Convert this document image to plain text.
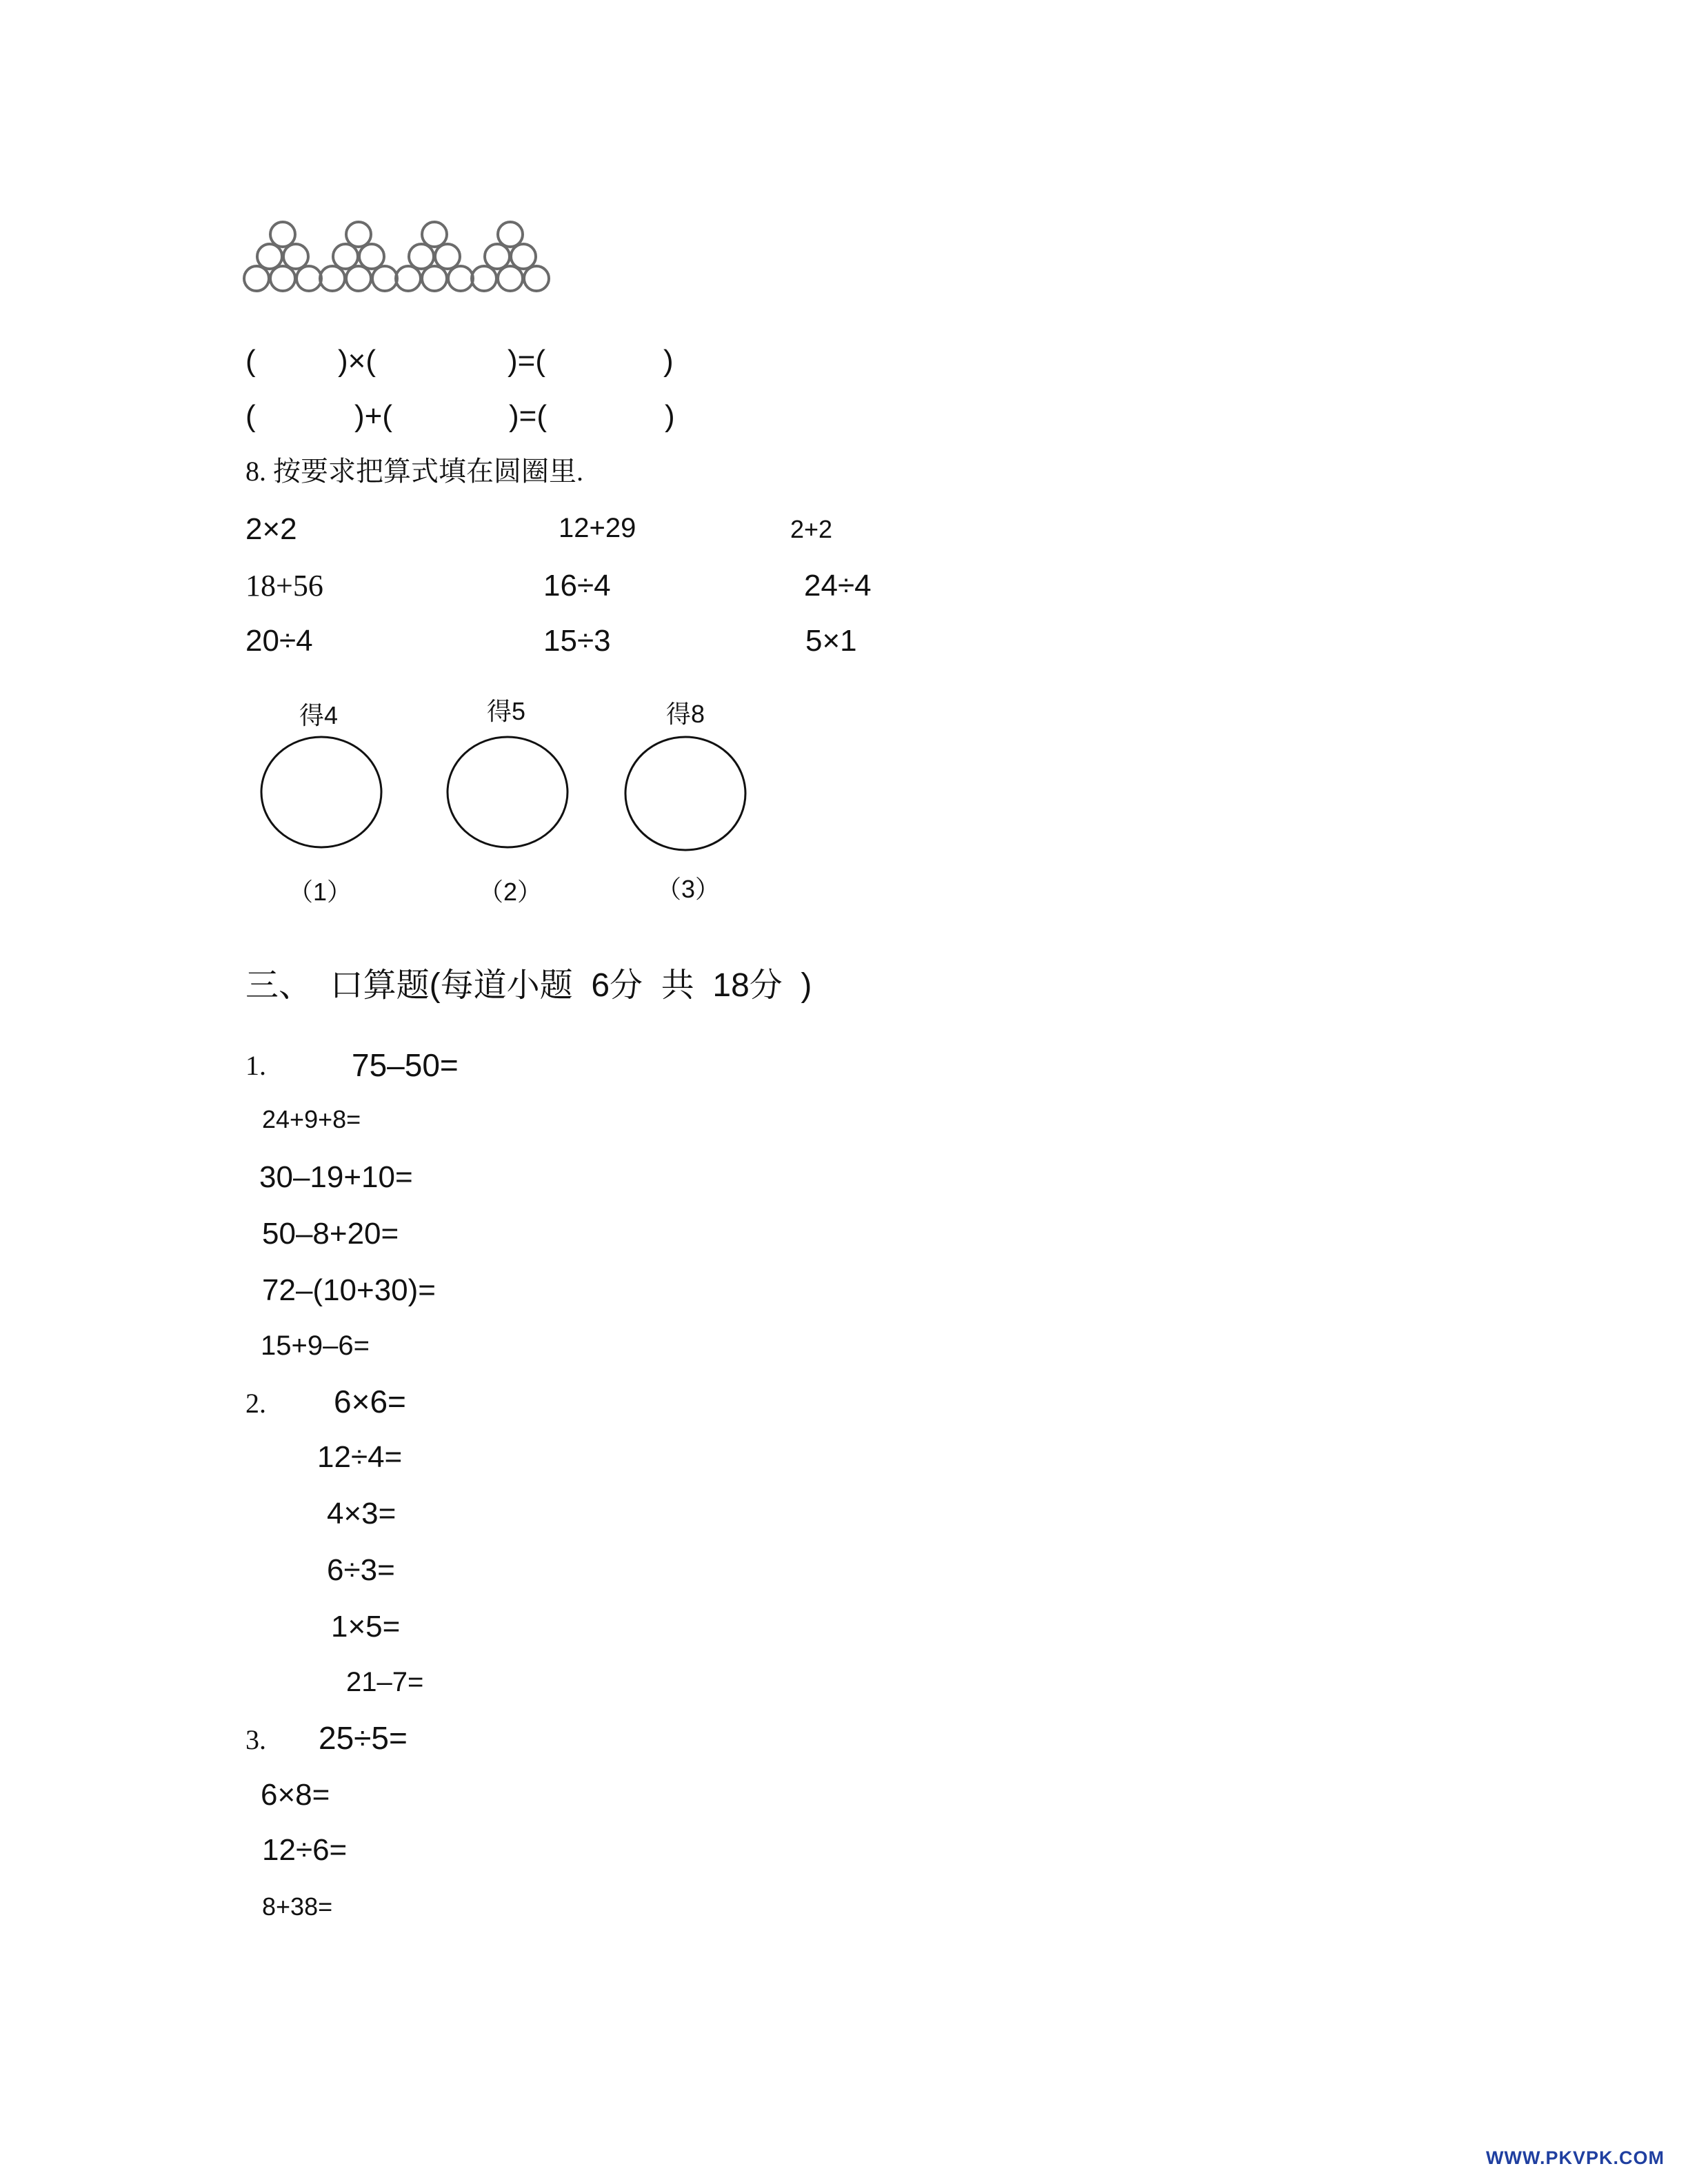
(	)×(	)=(	)
(	)+(	)=(	)
8. 按要求把算式填在圆圈里.
2×2	12+29	2+2
18+56	16÷4	24÷4
20÷4	15÷3	5×1
得4
（1）
得5
（2）
得8
（3）
三、  口算题(每道小题  6分  共  18分  )
1.	75–50=
24+9+8=
30–19+10=
50–8+20=
72–(10+30)=
15+9–6=
2. 6×6=
12÷4=
4×3=
6÷3=
1×5=
21–7=
3. 25÷5=
6×8=
12÷6=
8+38=
WWW.PKVPK.COM
